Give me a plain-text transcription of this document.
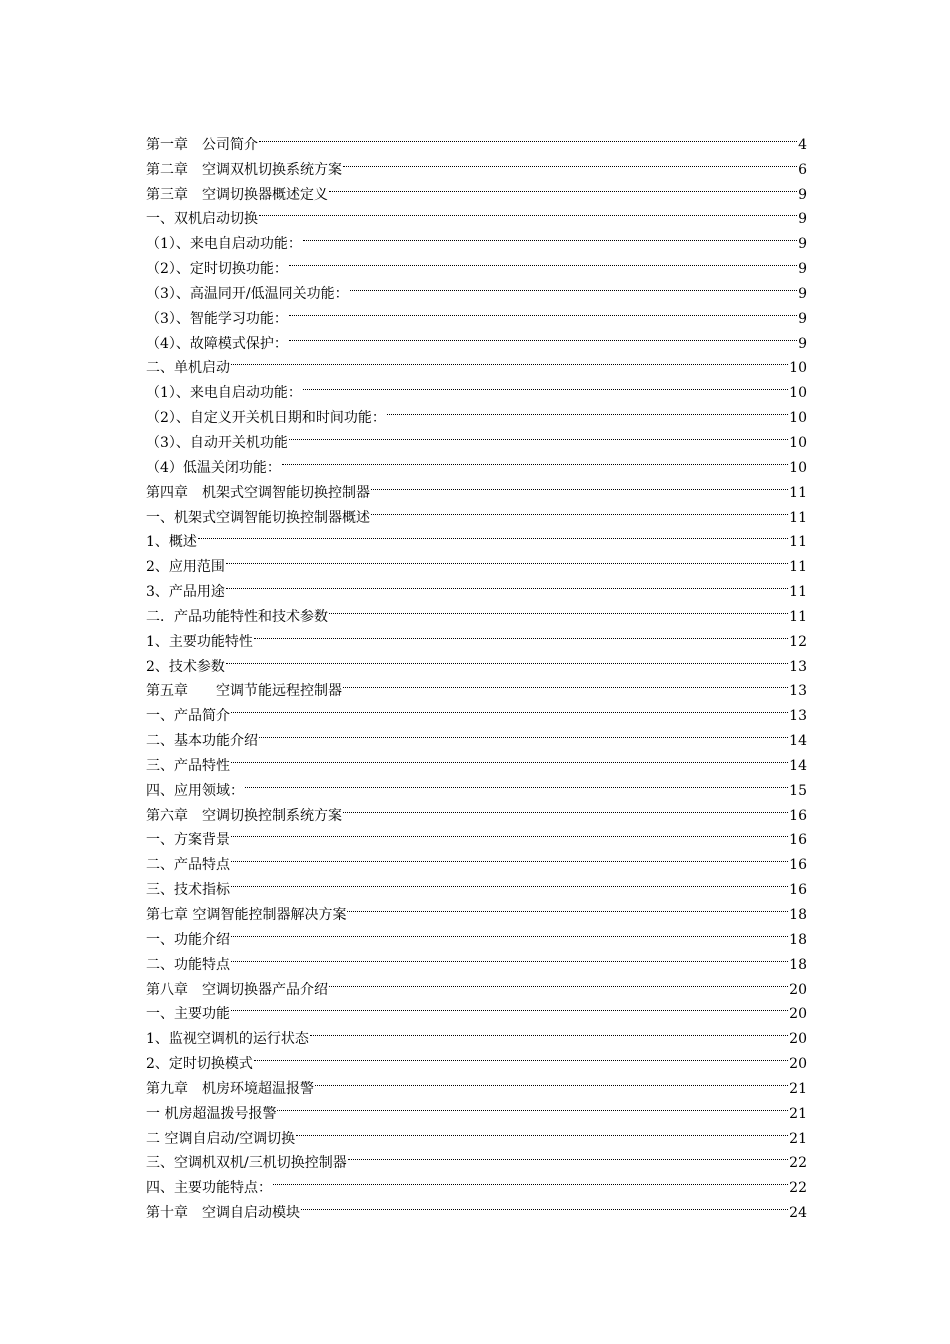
第一章　公司简介	4
第二章　空调双机切换系统方案	6
第三章　空调切换器概述定义	9
一、双机启动切换	9
（1）、来电自启动功能：	9
（2）、定时切换功能：	9
（3）、高温同开/低温同关功能：	9
（3）、智能学习功能：	9
（4）、故障模式保护：	9
二、单机启动	10
（1）、来电自启动功能：	10
（2）、自定义开关机日期和时间功能：	10
（3）、自动开关机功能	10
（4）低温关闭功能：	10
第四章　机架式空调智能切换控制器	11
一、机架式空调智能切换控制器概述	11
1、概述	11
2、应用范围	11
3、产品用途	11
二．产品功能特性和技术参数	11
1、主要功能特性	12
2、技术参数	13
第五章　　空调节能远程控制器	13
一、产品简介	13
二、基本功能介绍	14
三、产品特性	14
四、应用领域：	15
第六章　空调切换控制系统方案	16
一、方案背景	16
二、产品特点	16
三、技术指标	16
第七章 空调智能控制器解决方案	18
一、功能介绍	18
二、功能特点	18
第八章　空调切换器产品介绍	20
一、主要功能	20
1、监视空调机的运行状态	20
2、定时切换模式	20
第九章　机房环境超温报警	21
一 机房超温拨号报警	21
二 空调自启动/空调切换	21
三、空调机双机/三机切换控制器	22
四、主要功能特点：	22
第十章　空调自启动模块	24
